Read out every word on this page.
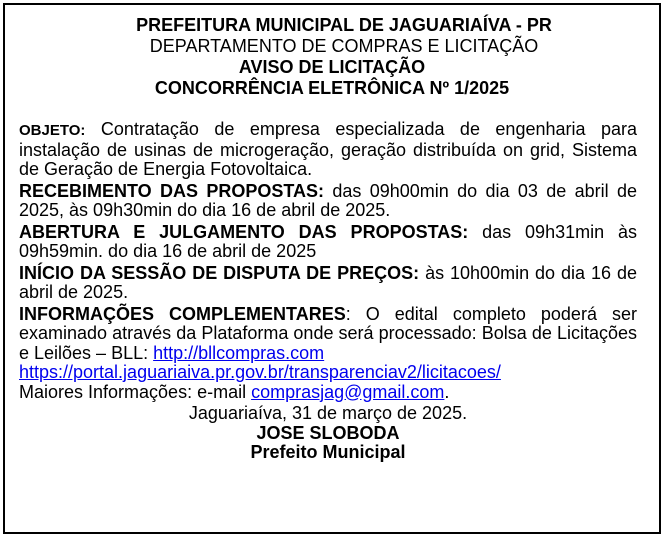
PREFEITURA MUNICIPAL DE JAGUARIAÍVA - PR
DEPARTAMENTO DE COMPRAS E LICITAÇÃO
AVISO DE LICITAÇÃO
CONCORRÊNCIA ELETRÔNICA Nº 1/2025

OBJETO: Contratação de empresa especializada de engenharia para instalação de usinas de microgeração, geração distribuída on grid, Sistema de Geração de Energia Fotovoltaica.

RECEBIMENTO DAS PROPOSTAS: das 09h00min do dia 03 de abril de 2025, às 09h30min do dia 16 de abril de 2025.

ABERTURA E JULGAMENTO DAS PROPOSTAS: das 09h31min às 09h59min. do dia 16 de abril de 2025

INÍCIO DA SESSÃO DE DISPUTA DE PREÇOS: às 10h00min do dia 16 de abril de 2025.

INFORMAÇÕES COMPLEMENTARES: O edital completo poderá ser examinado através da Plataforma onde será processado: Bolsa de Licitações e Leilões – BLL: http://bllcompras.com
https://portal.jaguariaiva.pr.gov.br/transparenciav2/licitacoes/
Maiores Informações: e-mail comprasjag@gmail.com.

Jaguariaíva, 31 de março de 2025.
JOSE SLOBODA
Prefeito Municipal
